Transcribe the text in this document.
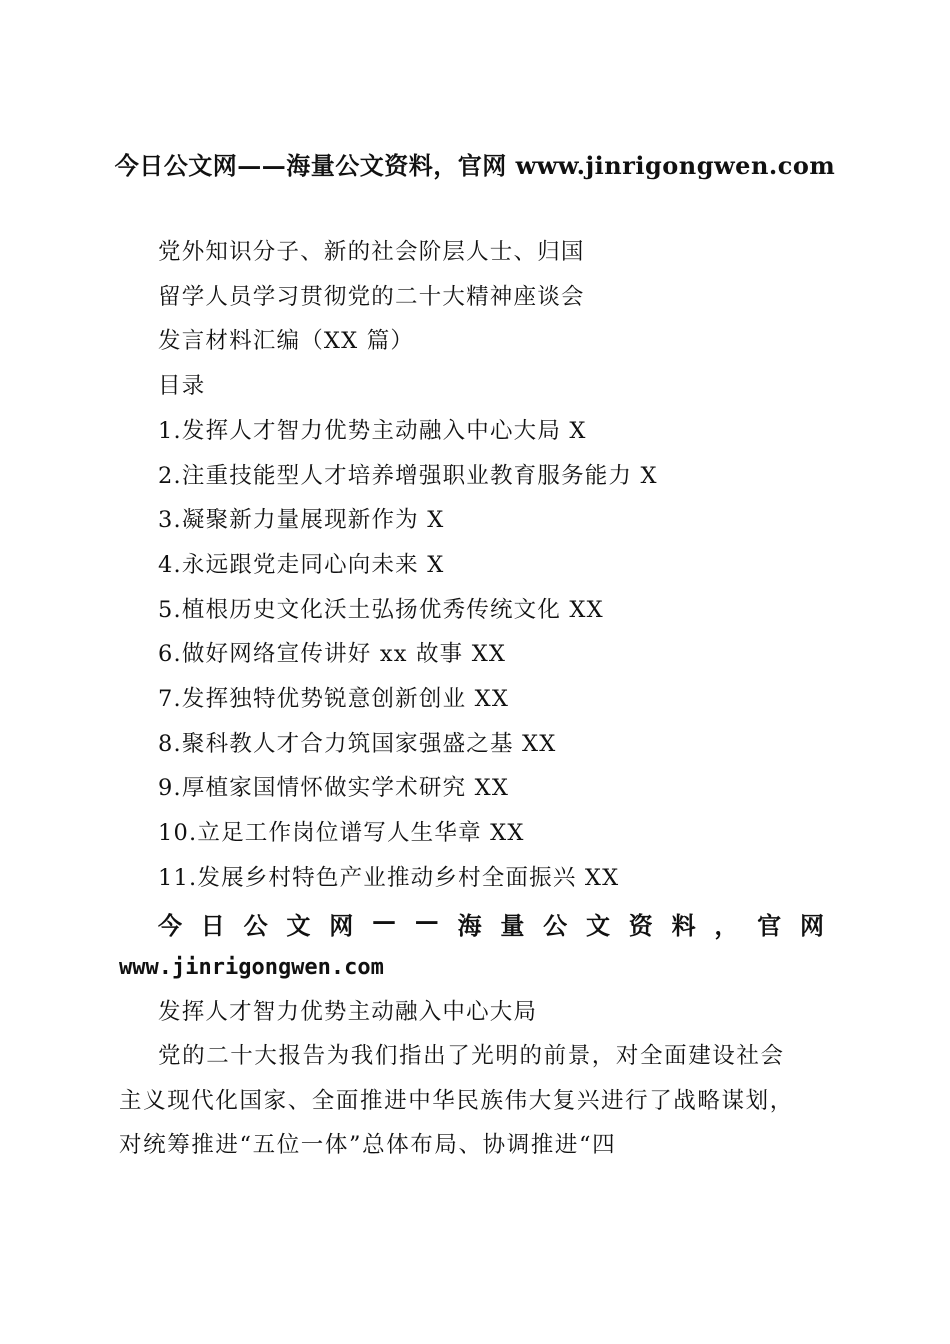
今日公文网——海量公文资料，官网 www.jinrigongwen.com
党外知识分子、新的社会阶层人士、归国
留学人员学习贯彻党的二十大精神座谈会
发言材料汇编（XX 篇）
目录
1.发挥人才智力优势主动融入中心大局 X
2.注重技能型人才培养增强职业教育服务能力 X
3.凝聚新力量展现新作为 X
4.永远跟党走同心向未来 X
5.植根历史文化沃土弘扬优秀传统文化 XX
6.做好网络宣传讲好 xx 故事 XX
7.发挥独特优势锐意创新创业 XX
8.聚科教人才合力筑国家强盛之基 XX
9.厚植家国情怀做实学术研究 XX
10.立足工作岗位谱写人生华章 XX
11.发展乡村特色产业推动乡村全面振兴 XX
今 日 公 文 网 — — 海 量 公 文 资 料 ， 官 网
www.jinrigongwen.com
发挥人才智力优势主动融入中心大局
党的二十大报告为我们指出了光明的前景，对全面建设社会
主义现代化国家、全面推进中华民族伟大复兴进行了战略谋划，
对统筹推进“五位一体”总体布局、协调推进“四
